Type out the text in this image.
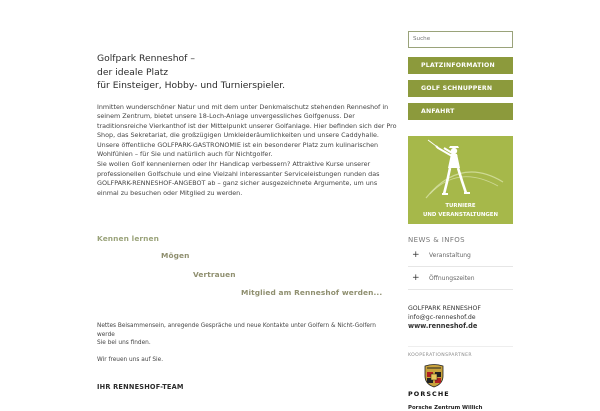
Golfpark Renneshof –
der ideale Platz
für Einsteiger, Hobby- und Turnierspieler.
Inmitten wunderschöner Natur und mit dem unter Denkmalschutz stehenden Renneshof in
seinem Zentrum, bietet unsere 18-Loch-Anlage unvergessliches Golfgenuss. Der
traditionsreiche Vierkanthof ist der Mittelpunkt unserer Golfanlage. Hier befinden sich der Pro
Shop, das Sekretariat, die großzügigen Umkleideräumlichkeiten und unsere Caddyhalle.
Unsere öffentliche GOLFPARK-GASTRONOMIE ist ein besonderer Platz zum kulinarischen
Wohlfühlen – für Sie und natürlich auch für Nichtgolfer.
Sie wollen Golf kennenlernen oder Ihr Handicap verbessern? Attraktive Kurse unserer
professionellen Golfschule und eine Vielzahl interessanter Serviceleistungen runden das
GOLFPARK-RENNESHOF-ANGEBOT ab – ganz sicher ausgezeichnete Argumente, um uns
einmal zu besuchen oder Mitglied zu werden.
Kennen lernen
Mögen
Vertrauen
Mitglied am Renneshof werden...

Nettes Beisammensein, anregende Gespräche und neue Kontakte unter Golfern & Nicht-Golfern werde
Sie bei uns finden.

Wir freuen uns auf Sie.

IHR RENNESHOF-TEAM
Suche
PLATZINFORMATION
GOLF SCHNUPPERN
ANFAHRT
TURNIERE
UND VERANSTALTUNGEN
NEWS & INFOS
+ Veranstaltung
+ Öffnungszeiten
GOLFPARK RENNESHOF
info@gc-renneshof.de
www.renneshof.de
KOOPERATIONSPARTNER
PORSCHE
Porsche Zentrum Willich
